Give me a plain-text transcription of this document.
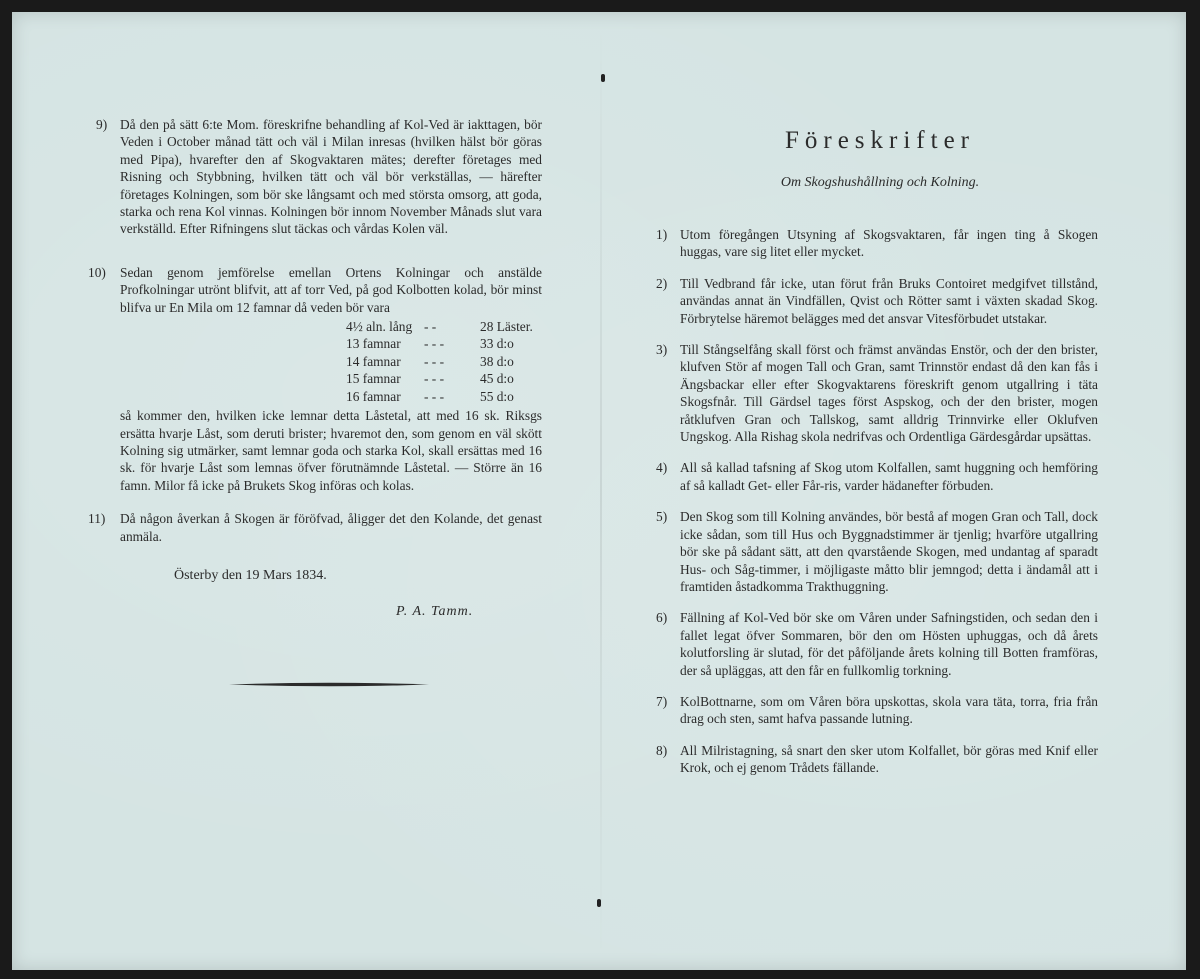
9) Då den på sätt 6:te Mom. föreskrifne behandling af Kol-Ved är iakttagen, bör Veden i October månad tätt och väl i Milan inresas (hvilken hälst bör göras med Pipa), hvarefter den af Skogvaktaren mätes; derefter företages med Risning och Stybbning, hvilken tätt och väl bör verkställas, — härefter företages Kolningen, som bör ske långsamt och med största omsorg, att goda, starka och rena Kol vinnas. Kolningen bör innom November Månads slut vara verkställd. Efter Rifningens slut täckas och vårdas Kolen väl.

10) Sedan genom jemförelse emellan Ortens Kolningar och anstälde Profkolningar utrönt blifvit, att af torr Ved, på god Kolbotten kolad, bör minst blifva ur En Mila om 12 famnar då veden bör vara

4½ aln. lång - -	28 Läster.
13 famnar	- - -	33 d:o
14 famnar	- - -	38 d:o
15 famnar	- - -	45 d:o
16 famnar	- - -	55 d:o

så kommer den, hvilken icke lemnar detta Låstetal, att med 16 sk. Riksgs ersätta hvarje Låst, som deruti brister; hvaremot den, som genom en väl skött Kolning sig utmärker, samt lemnar goda och starka Kol, skall ersättas med 16 sk. för hvarje Låst som lemnas öfver förutnämnde Låstetal. — Större än 16 famn. Milor få icke på Brukets Skog införas och kolas.

11) Då någon åverkan å Skogen är föröfvad, åligger det den Kolande, det genast anmäla.

Österby den 19 Mars 1834.
P. A. Tamm.
Föreskrifter
Om Skogshushållning och Kolning.
1) Utom föregången Utsyning af Skogsvaktaren, får ingen ting å Skogen huggas, vare sig litet eller mycket.

2) Till Vedbrand får icke, utan förut från Bruks Contoiret medgifvet tillstånd, användas annat än Vindfällen, Qvist och Rötter samt i växten skadad Skog. Förbrytelse häremot belägges med det ansvar Vitesförbudet utstakar.

3) Till Stångselfång skall först och främst användas Enstör, och der den brister, klufven Stör af mogen Tall och Gran, samt Trinnstör endast då den kan fås i Ängsbackar eller efter Skogvaktarens föreskrift genom utgallring i täta Skogsfnår. Till Gärdsel tages först Aspskog, och der den brister, mogen råtklufven Gran och Tallskog, samt alldrig Trinnvirke eller Oklufven Ungskog. Alla Rishag skola nedrifvas och Ordentliga Gärdesgårdar upsättas.

4) All så kallad tafsning af Skog utom Kolfallen, samt huggning och hemföring af så kalladt Get- eller Får-ris, varder hädanefter förbuden.

5) Den Skog som till Kolning användes, bör bestå af mogen Gran och Tall, dock icke sådan, som till Hus och Byggnadstimmer är tjenlig; hvarföre utgallring bör ske på sådant sätt, att den qvarstående Skogen, med undantag af sparadt Hus- och Såg-timmer, i möjligaste måtto blir jemngod; detta i ändamål att i framtiden åstadkomma Trakthuggning.

6) Fällning af Kol-Ved bör ske om Våren under Safningstiden, och sedan den i fallet legat öfver Sommaren, bör den om Hösten uphuggas, och då årets kolutforsling är slutad, för det påföljande årets kolning till Botten framföras, der så upläggas, att den får en fullkomlig torkning.

7) KolBottnarne, som om Våren böra upskottas, skola vara täta, torra, fria från drag och sten, samt hafva passande lutning.

8) All Milristagning, så snart den sker utom Kolfallet, bör göras med Knif eller Krok, och ej genom Trådets fällande.
